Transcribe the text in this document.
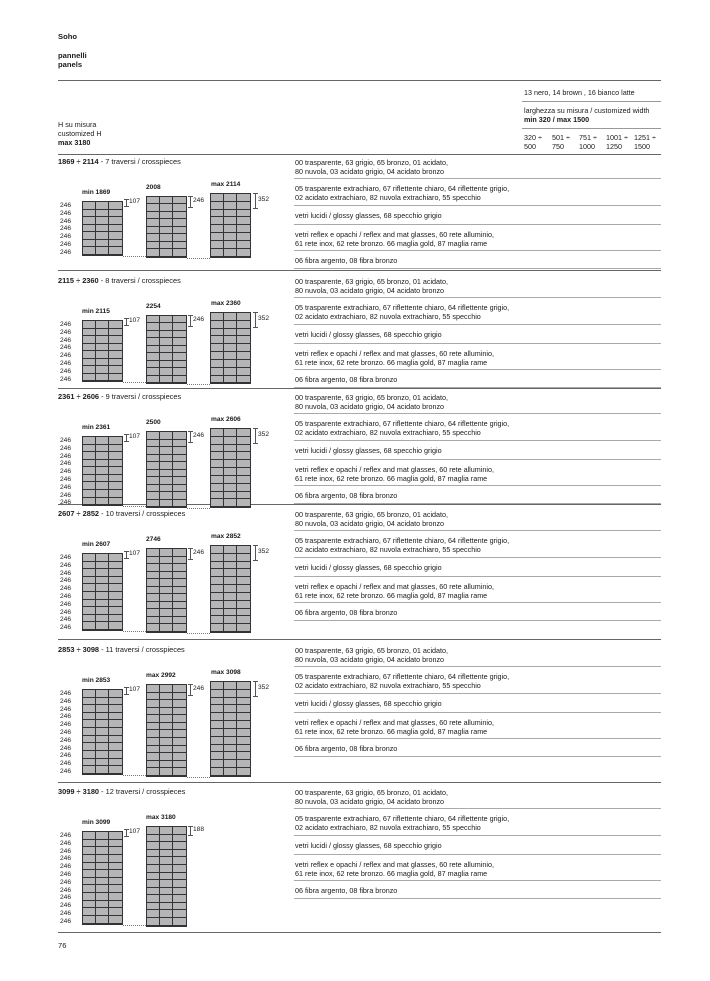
Soho
pannelli
panels
13 nero, 14 brown , 16 bianco latte
larghezza su misura / customized width
min 320 / max 1500
320 ÷
500
501 ÷
750
751 ÷
1000
1001 ÷
1250
1251 ÷
1500
H su misura
customized H
max 3180
1869 ÷ 2114 - 7 traversi / crosspieces	00 trasparente, 63 grigio, 65 bronzo, 01 acidato,
80 nuvola, 03 acidato grigio, 04 acidato bronzo
05 trasparente extrachiaro, 67 riflettente chiaro, 64 riflettente grigio,
02 acidato extrachiaro, 82 nuvola extrachiaro, 55 specchio
vetri lucidi / glossy glasses, 68 specchio grigio
vetri reflex e opachi / reflex and mat glasses, 60 rete alluminio,
61 rete inox, 62 rete bronzo. 66 maglia gold, 87 maglia rame
06 fibra argento, 08 fibra bronzo
246
246
246
246
246
246
246
min 1869
107
2008
246
max 2114
352
2115 ÷ 2360 - 8 traversi / crosspieces	00 trasparente, 63 grigio, 65 bronzo, 01 acidato,
80 nuvola, 03 acidato grigio, 04 acidato bronzo
05 trasparente extrachiaro, 67 riflettente chiaro, 64 riflettente grigio,
02 acidato extrachiaro, 82 nuvola extrachiaro, 55 specchio
vetri lucidi / glossy glasses, 68 specchio grigio
vetri reflex e opachi / reflex and mat glasses, 60 rete alluminio,
61 rete inox, 62 rete bronzo. 66 maglia gold, 87 maglia rame
06 fibra argento, 08 fibra bronzo
246
246
246
246
246
246
246
246
min 2115
107
2254
246
max 2360
352
2361 ÷ 2606 - 9 traversi / crosspieces	00 trasparente, 63 grigio, 65 bronzo, 01 acidato,
80 nuvola, 03 acidato grigio, 04 acidato bronzo
05 trasparente extrachiaro, 67 riflettente chiaro, 64 riflettente grigio,
02 acidato extrachiaro, 82 nuvola extrachiaro, 55 specchio
vetri lucidi / glossy glasses, 68 specchio grigio
vetri reflex e opachi / reflex and mat glasses, 60 rete alluminio,
61 rete inox, 62 rete bronzo. 66 maglia gold, 87 maglia rame
06 fibra argento, 08 fibra bronzo
246
246
246
246
246
246
246
246
246
min 2361
107
2500
246
max 2606
352
2607 ÷ 2852 - 10 traversi / crosspieces	00 trasparente, 63 grigio, 65 bronzo, 01 acidato,
80 nuvola, 03 acidato grigio, 04 acidato bronzo
05 trasparente extrachiaro, 67 riflettente chiaro, 64 riflettente grigio,
02 acidato extrachiaro, 82 nuvola extrachiaro, 55 specchio
vetri lucidi / glossy glasses, 68 specchio grigio
vetri reflex e opachi / reflex and mat glasses, 60 rete alluminio,
61 rete inox, 62 rete bronzo. 66 maglia gold, 87 maglia rame
06 fibra argento, 08 fibra bronzo
246
246
246
246
246
246
246
246
246
246
min 2607
107
2746
246
max 2852
352
2853 ÷ 3098 - 11 traversi / crosspieces	00 trasparente, 63 grigio, 65 bronzo, 01 acidato,
80 nuvola, 03 acidato grigio, 04 acidato bronzo
05 trasparente extrachiaro, 67 riflettente chiaro, 64 riflettente grigio,
02 acidato extrachiaro, 82 nuvola extrachiaro, 55 specchio
vetri lucidi / glossy glasses, 68 specchio grigio
vetri reflex e opachi / reflex and mat glasses, 60 rete alluminio,
61 rete inox, 62 rete bronzo. 66 maglia gold, 87 maglia rame
06 fibra argento, 08 fibra bronzo
246
246
246
246
246
246
246
246
246
246
246
min 2853
107
max 2992
246
max 3098
352
3099 ÷ 3180 - 12 traversi / crosspieces	00 trasparente, 63 grigio, 65 bronzo, 01 acidato,
80 nuvola, 03 acidato grigio, 04 acidato bronzo
05 trasparente extrachiaro, 67 riflettente chiaro, 64 riflettente grigio,
02 acidato extrachiaro, 82 nuvola extrachiaro, 55 specchio
vetri lucidi / glossy glasses, 68 specchio grigio
vetri reflex e opachi / reflex and mat glasses, 60 rete alluminio,
61 rete inox, 62 rete bronzo. 66 maglia gold, 87 maglia rame
06 fibra argento, 08 fibra bronzo
246
246
246
246
246
246
246
246
246
246
246
246
min 3099
107
max 3180
188
76
